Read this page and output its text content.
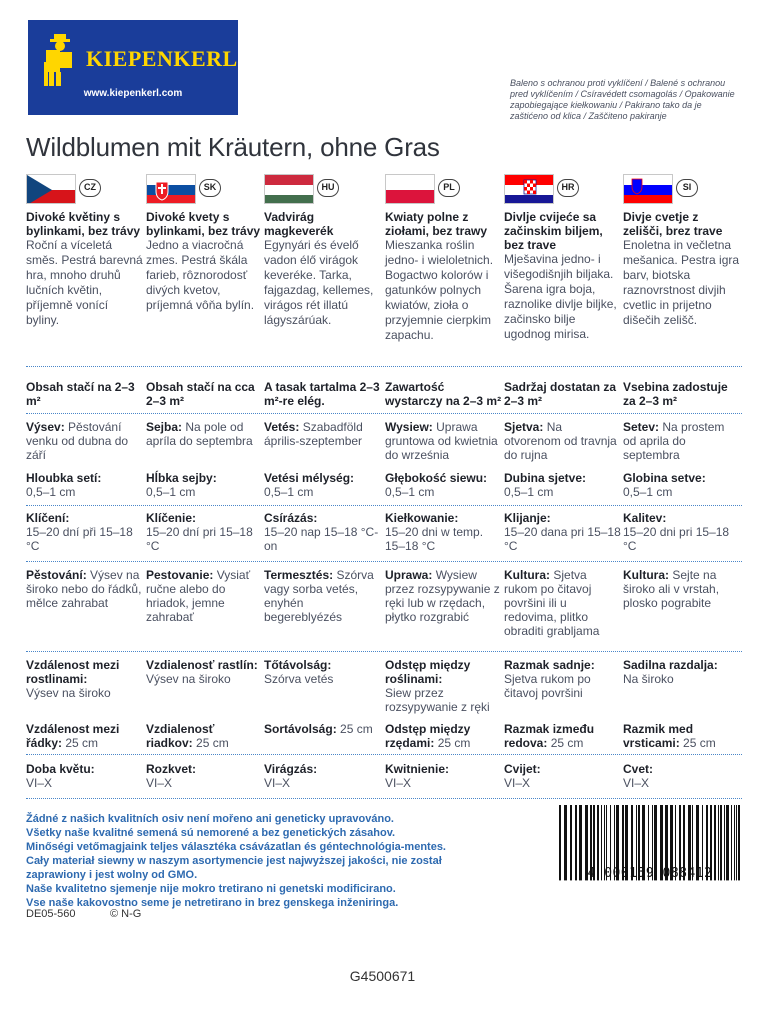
KIEPENKERL
www.kiepenkerl.com
Baleno s ochranou proti vyklíčení / Balené s ochranou pred vyklíčením / Csíravédett csomagolás / Opakowanie zapobiegające kiełkowaniu / Pakirano tako da je zaštićeno od klica / Zaščiteno pakiranje
Wildblumen mit Kräutern, ohne Gras
CZ
Divoké květiny s bylinkami, bez trávy
Roční a víceletá směs. Pestrá barevná hra, mnoho druhů lučních květin, příjemně vonící byliny.
Obsah stačí na 2–3 m²
Výsev: Pěstování venku od dubna do září
Hloubka setí:
0,5–1 cm
Klíčení:
15–20 dní při 15–18 °C
Pěstování: Výsev na široko nebo do řádků, mělce zahrabat
Vzdálenost mezi rostlinami:
Výsev na široko
Vzdálenost mezi řádky: 25 cm
Doba květu:
VI–X
SK
Divoké kvety s bylinkami, bez trávy
Jedno a viacročná zmes. Pestrá škála farieb, rôznorodosť divých kvetov, príjemná vôňa bylín.
Obsah stačí na cca 2–3 m²
Sejba: Na pole od apríla do septembra
Hĺbka sejby:
0,5–1 cm
Klíčenie:
15–20 dní pri 15–18 °C
Pestovanie: Vysiať ručne alebo do hriadok, jemne zahrabať
Vzdialenosť rastlín:
Výsev na široko
Vzdialenosť riadkov: 25 cm
Rozkvet:
VI–X
HU
Vadvirág magkeverék
Egynyári és évelő vadon élő virágok keveréke. Tarka, fajgazdag, kellemes, virágos rét illatú lágyszárúak.
A tasak tartalma 2–3 m²-re elég.
Vetés: Szabadföld április-szeptember
Vetési mélység:
0,5–1 cm
Csírázás:
15–20 nap 15–18 °C-on
Termesztés: Szórva vagy sorba vetés, enyhén begereblyézés
Tőtávolság:
Szórva vetés
Sortávolság: 25 cm
Virágzás:
VI–X
PL
Kwiaty polne z ziołami, bez trawy
Mieszanka roślin jedno- i wieloletnich. Bogactwo kolorów i gatunków polnych kwiatów, zioła o przyjemnie cierpkim zapachu.
Zawartość wystarczy na 2–3 m²
Wysiew: Uprawa gruntowa od kwietnia do września
Głębokość siewu:
0,5–1 cm
Kiełkowanie:
15–20 dni w temp. 15–18 °C
Uprawa: Wysiew przez rozsypywanie z ręki lub w rzędach, płytko rozgrabić
Odstęp między roślinami:
Siew przez rozsypywanie z ręki
Odstęp między rzędami: 25 cm
Kwitnienie:
VI–X
HR
Divlje cvijeće sa začinskim biljem, bez trave
Mješavina jedno- i višegodišnjih biljaka. Šarena igra boja, raznolike divlje biljke, začinsko bilje ugodnog mirisa.
Sadržaj dostatan za 2–3 m²
Sjetva: Na otvorenom od travnja do rujna
Dubina sjetve:
0,5–1 cm
Klijanje:
15–20 dana pri 15–18 °C
Kultura: Sjetva rukom po čitavoj površini ili u redovima, plitko obraditi grabljama
Razmak sadnje:
Sjetva rukom po čitavoj površini
Razmak između redova: 25 cm
Cvijet:
VI–X
SI
Divje cvetje z zelišči, brez trave
Enoletna in večletna mešanica. Pestra igra barv, biotska raznovrstnost divjih cvetlic in prijetno dišečih zelišč.
Vsebina zadostuje za 2–3 m²
Setev: Na prostem od aprila do septembra
Globina setve:
0,5–1 cm
Kalitev:
15–20 dni pri 15–18 °C
Kultura: Sejte na široko ali v vrstah, plosko pograbite
Sadilna razdalja:
Na široko
Razmik med vrsticami: 25 cm
Cvet:
VI–X
Žádné z našich kvalitních osiv není mořeno ani geneticky upravováno.
Všetky naše kvalitné semená sú nemorené a bez genetických zásahov.
Minőségi vetőmagjaink teljes választéka csávázatlan és géntechnológia-mentes.
Cały materiał siewny w naszym asortymencie jest najwyższej jakości, nie został
zaprawiony i jest wolny od GMO.
Naše kvalitetno sjemenje nije mokro tretirano ni genetski modificirano.
Vse naše kakovostno seme je netretirano in brez genskega inženiringa.
DE05-560	© N-G
4 000159 088412
G4500671
